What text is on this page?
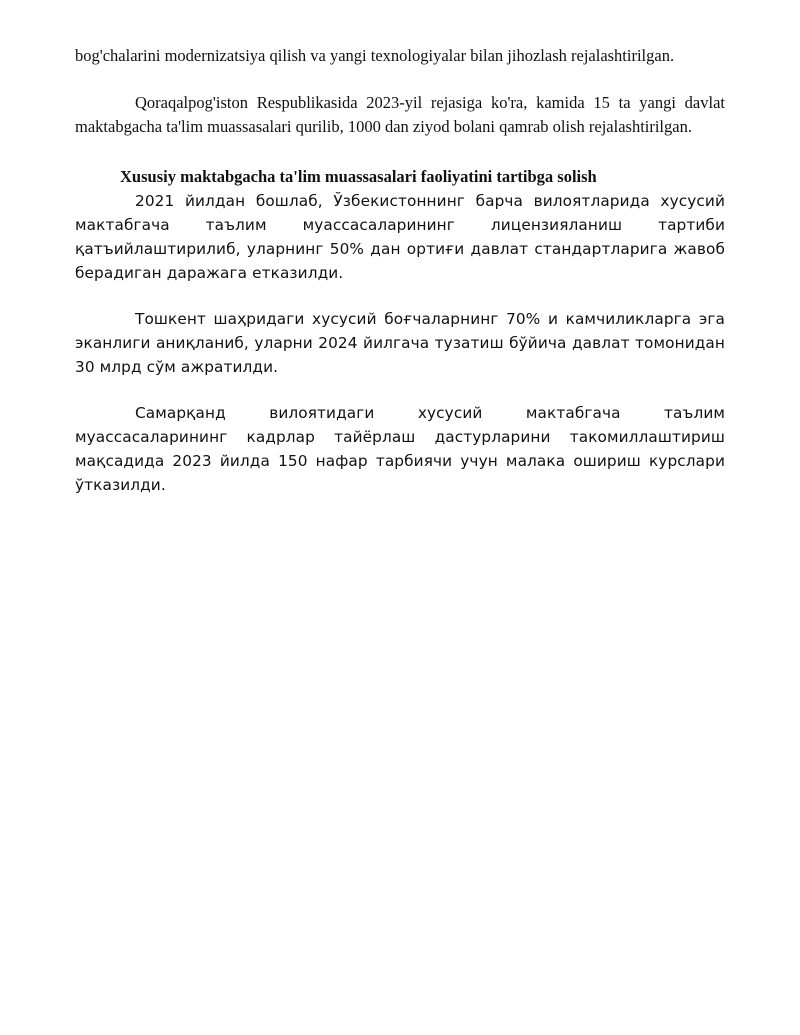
bog'chalarini modernizatsiya qilish va yangi texnologiyalar bilan jihozlash rejalashtirilgan.

Qoraqalpog'iston Respublikasida 2023-yil rejasiga ko'ra, kamida 15 ta yangi davlat maktabgacha ta'lim muassasalari qurilib, 1000 dan ziyod bolani qamrab olish rejalashtirilgan.

Xususiy maktabgacha ta'lim muassasalari faoliyatini tartibga solish

2021 йилдан бошлаб, Ўзбекистоннинг барча вилоятларида хусусий мактабгача таълим муассасаларининг лицензияланиш тартиби қатъийлаштирилиб, уларнинг 50% дан ортиғи давлат стандартларига жавоб берадиган даражага етказилди.

Тошкент шаҳридаги хусусий боғчаларнинг 70% и камчиликларга эга эканлиги аниқланиб, уларни 2024 йилгача тузатиш бўйича давлат томонидан 30 млрд сўм ажратилди.

Самарқанд вилоятидаги хусусий мактабгача таълим муассасаларининг кадрлар тайёрлаш дастурларини такомиллаштириш мақсадида 2023 йилда 150 нафар тарбиячи учун малака ошириш курслари ўтказилди.
